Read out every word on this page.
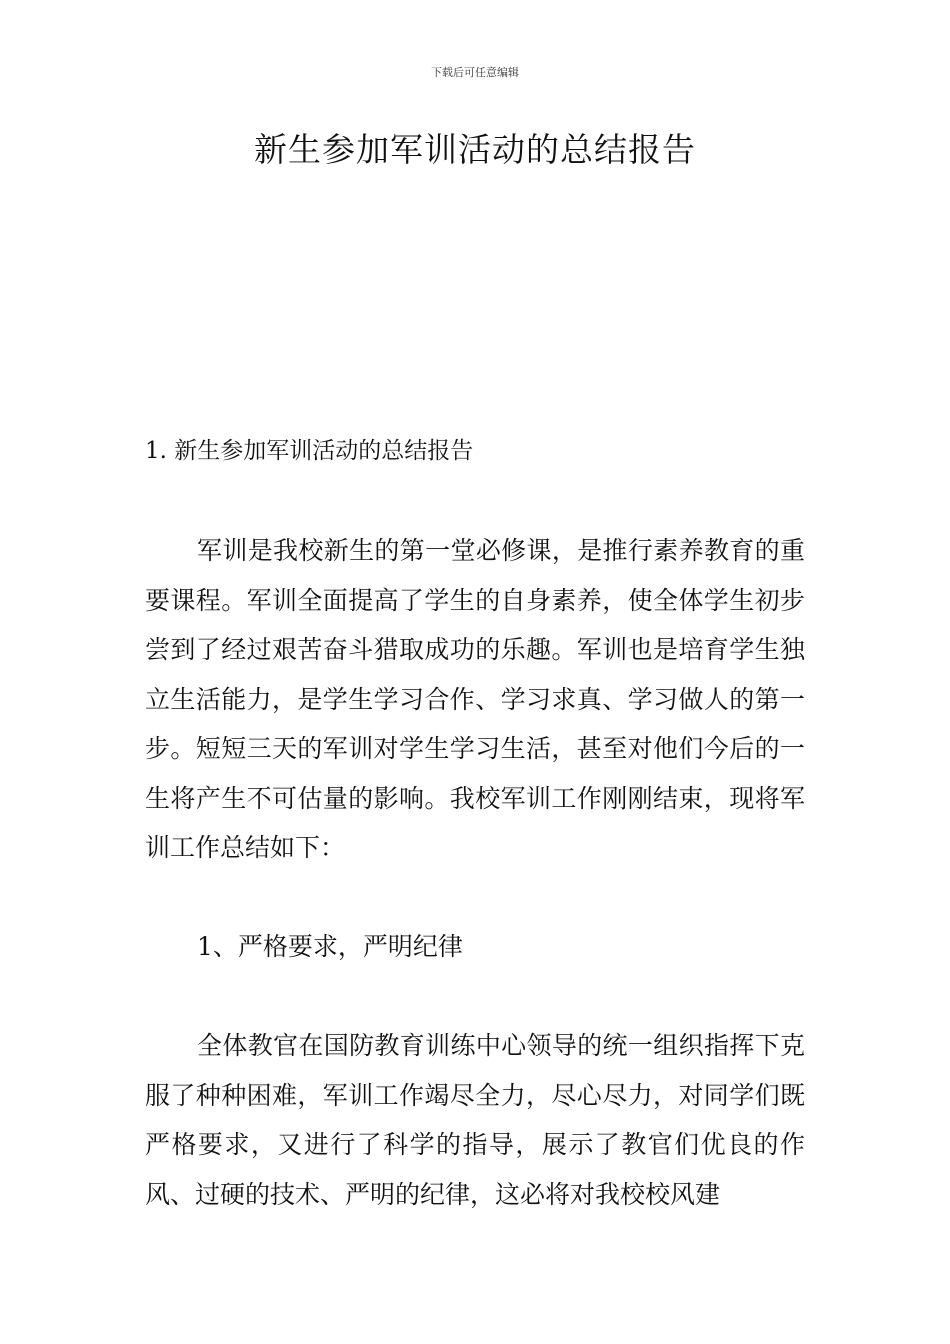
下载后可任意编辑
新生参加军训活动的总结报告

1. 新生参加军训活动的总结报告

军训是我校新生的第一堂必修课，是推行素养教育的重要课程。军训全面提高了学生的自身素养，使全体学生初步尝到了经过艰苦奋斗猎取成功的乐趣。军训也是培育学生独立生活能力，是学生学习合作、学习求真、学习做人的第一步。短短三天的军训对学生学习生活，甚至对他们今后的一生将产生不可估量的影响。我校军训工作刚刚结束，现将军训工作总结如下：

1、严格要求，严明纪律

全体教官在国防教育训练中心领导的统一组织指挥下克服了种种困难，军训工作竭尽全力，尽心尽力，对同学们既严格要求，又进行了科学的指导，展示了教官们优良的作风、过硬的技术、严明的纪律，这必将对我校校风建
